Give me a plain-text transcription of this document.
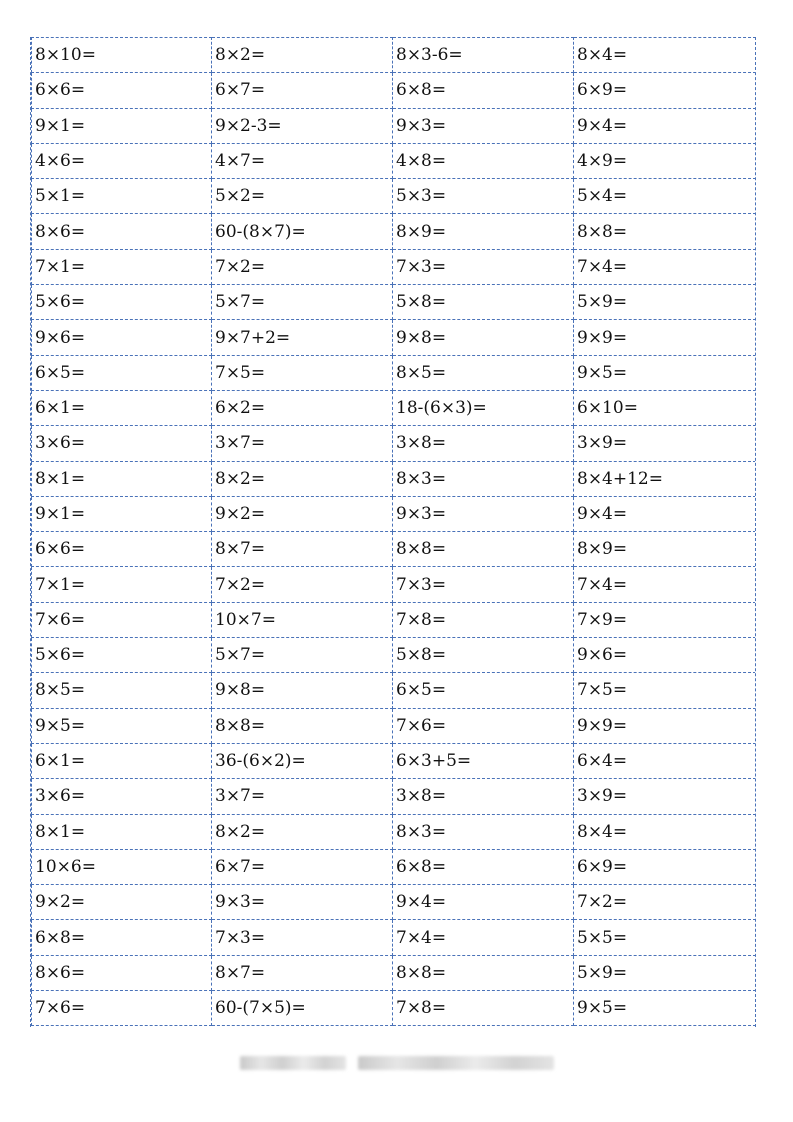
8×10=	8×2=	8×3-6=	8×4=
6×6=	6×7=	6×8=	6×9=
9×1=	9×2-3=	9×3=	9×4=
4×6=	4×7=	4×8=	4×9=
5×1=	5×2=	5×3=	5×4=
8×6=	60-(8×7)=	8×9=	8×8=
7×1=	7×2=	7×3=	7×4=
5×6=	5×7=	5×8=	5×9=
9×6=	9×7+2=	9×8=	9×9=
6×5=	7×5=	8×5=	9×5=
6×1=	6×2=	18-(6×3)=	6×10=
3×6=	3×7=	3×8=	3×9=
8×1=	8×2=	8×3=	8×4+12=
9×1=	9×2=	9×3=	9×4=
6×6=	8×7=	8×8=	8×9=
7×1=	7×2=	7×3=	7×4=
7×6=	10×7=	7×8=	7×9=
5×6=	5×7=	5×8=	9×6=
8×5=	9×8=	6×5=	7×5=
9×5=	8×8=	7×6=	9×9=
6×1=	36-(6×2)=	6×3+5=	6×4=
3×6=	3×7=	3×8=	3×9=
8×1=	8×2=	8×3=	8×4=
10×6=	6×7=	6×8=	6×9=
9×2=	9×3=	9×4=	7×2=
6×8=	7×3=	7×4=	5×5=
8×6=	8×7=	8×8=	5×9=
7×6=	60-(7×5)=	7×8=	9×5=
